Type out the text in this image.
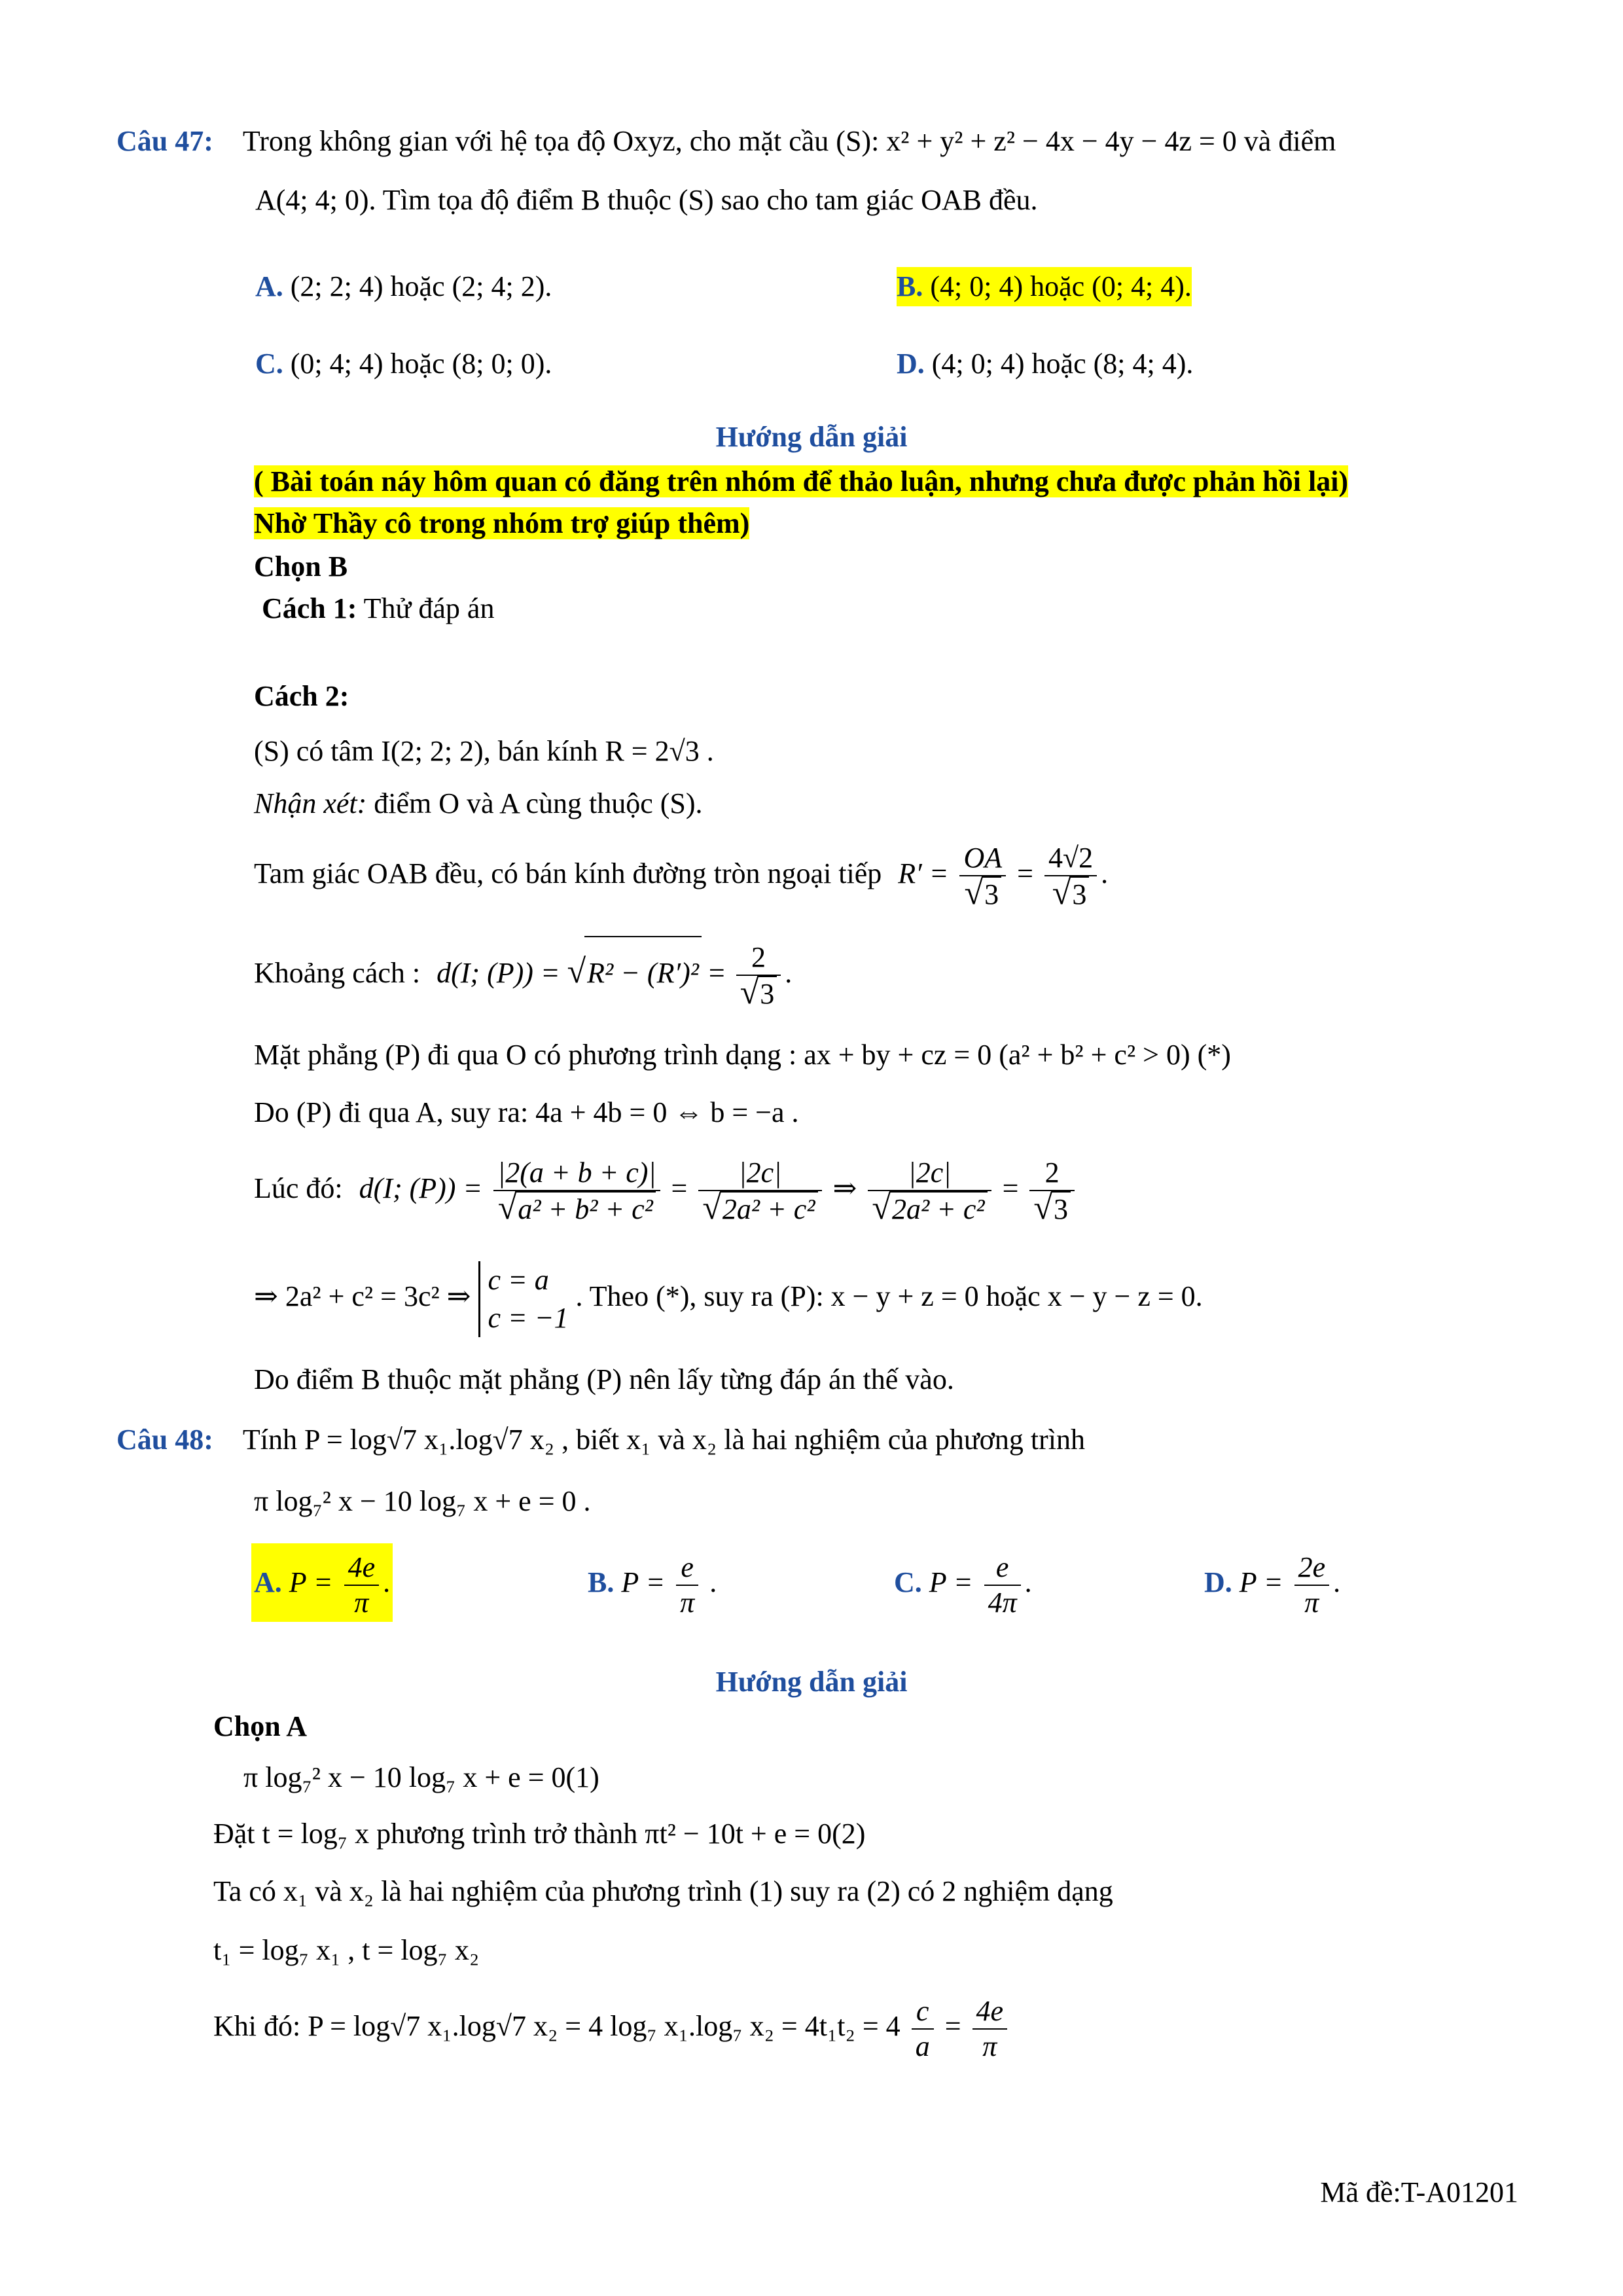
Câu 47: Trong không gian với hệ tọa độ Oxyz, cho mặt cầu (S): x² + y² + z² − 4x − 4y − 4z = 0 và điểm
A(4; 4; 0). Tìm tọa độ điểm B thuộc (S) sao cho tam giác OAB đều.
A. (2; 2; 4) hoặc (2; 4; 2).	B. (4; 0; 4) hoặc (0; 4; 4).
C. (0; 4; 4) hoặc (8; 0; 0).	D. (4; 0; 4) hoặc (8; 4; 4).
Hướng dẫn giải
( Bài toán náy hôm quan có đăng trên nhóm để thảo luận, nhưng chưa được phản hồi lại)
Nhờ Thầy cô trong nhóm trợ giúp thêm)
Chọn B
Cách 1: Thử đáp án
Cách 2:
(S) có tâm I(2; 2; 2), bán kính R = 2√3 .
Nhận xét: điểm O và A cùng thuộc (S).
Tam giác OAB đều, có bán kính đường tròn ngoại tiếp $R' = \frac{OA}{√3} = \frac{4√2}{√3}$ .
Khoảng cách : d(I; $(P)) = √R^2 - (R')^2 = \frac{2}{√3}$ .
Mặt phẳng (P) đi qua O có phương trình dạng : ax + by + cz = 0 (a² + b² + c² > 0) (*)
Do (P) đi qua A, suy ra: 4a + 4b = 0 ⇔ b = −a .
Lúc đó: d(I; $(P)) = \frac{|2(a + b + c)|}{\text{√a² + b² + c²}} = \frac{|2c|}{\text{√2a² + c²}}$ ⇒ $\frac{|2c|}{\text{√2a² + c²}} = \frac{2}{√3}$
⇒ 2a² + c² = 3c² ⇒
c = a
c = −1
. Theo (*), suy ra (P): x − y + z = 0 hoặc x − y − z = 0.
Do điểm B thuộc mặt phẳng (P) nên lấy từng đáp án thế vào.
Câu 48: Tính P = log√7 x₁.log√7 x₂ , biết x₁ và x₂ là hai nghiệm của phương trình
π log₇² x − 10 log₇ x + e = 0 .
A. $P = \frac{4e}{\pi}$ .	B. $P = \frac{e}{\pi}$ .	C. $P = \frac{e}{4\pi}$ .	D. $P = \frac{2e}{\pi}$ .
Hướng dẫn giải
Chọn A
π log₇² x − 10 log₇ x + e = 0(1)
Đặt t = log₇ x phương trình trở thành πt² − 10t + e = 0(2)
Ta có x₁ và x₂ là hai nghiệm của phương trình (1) suy ra (2) có 2 nghiệm dạng
t₁ = log₇ x₁ , t = log₇ x₂
Khi đó: P = log√7 x₁.log√7 x₂ = 4 log₇ x₁.log₇ $x_2 = 4t_1t_2 = 4 \frac{c}{a} = \frac{4e}{\pi}$
Mã đề:T-A01201
